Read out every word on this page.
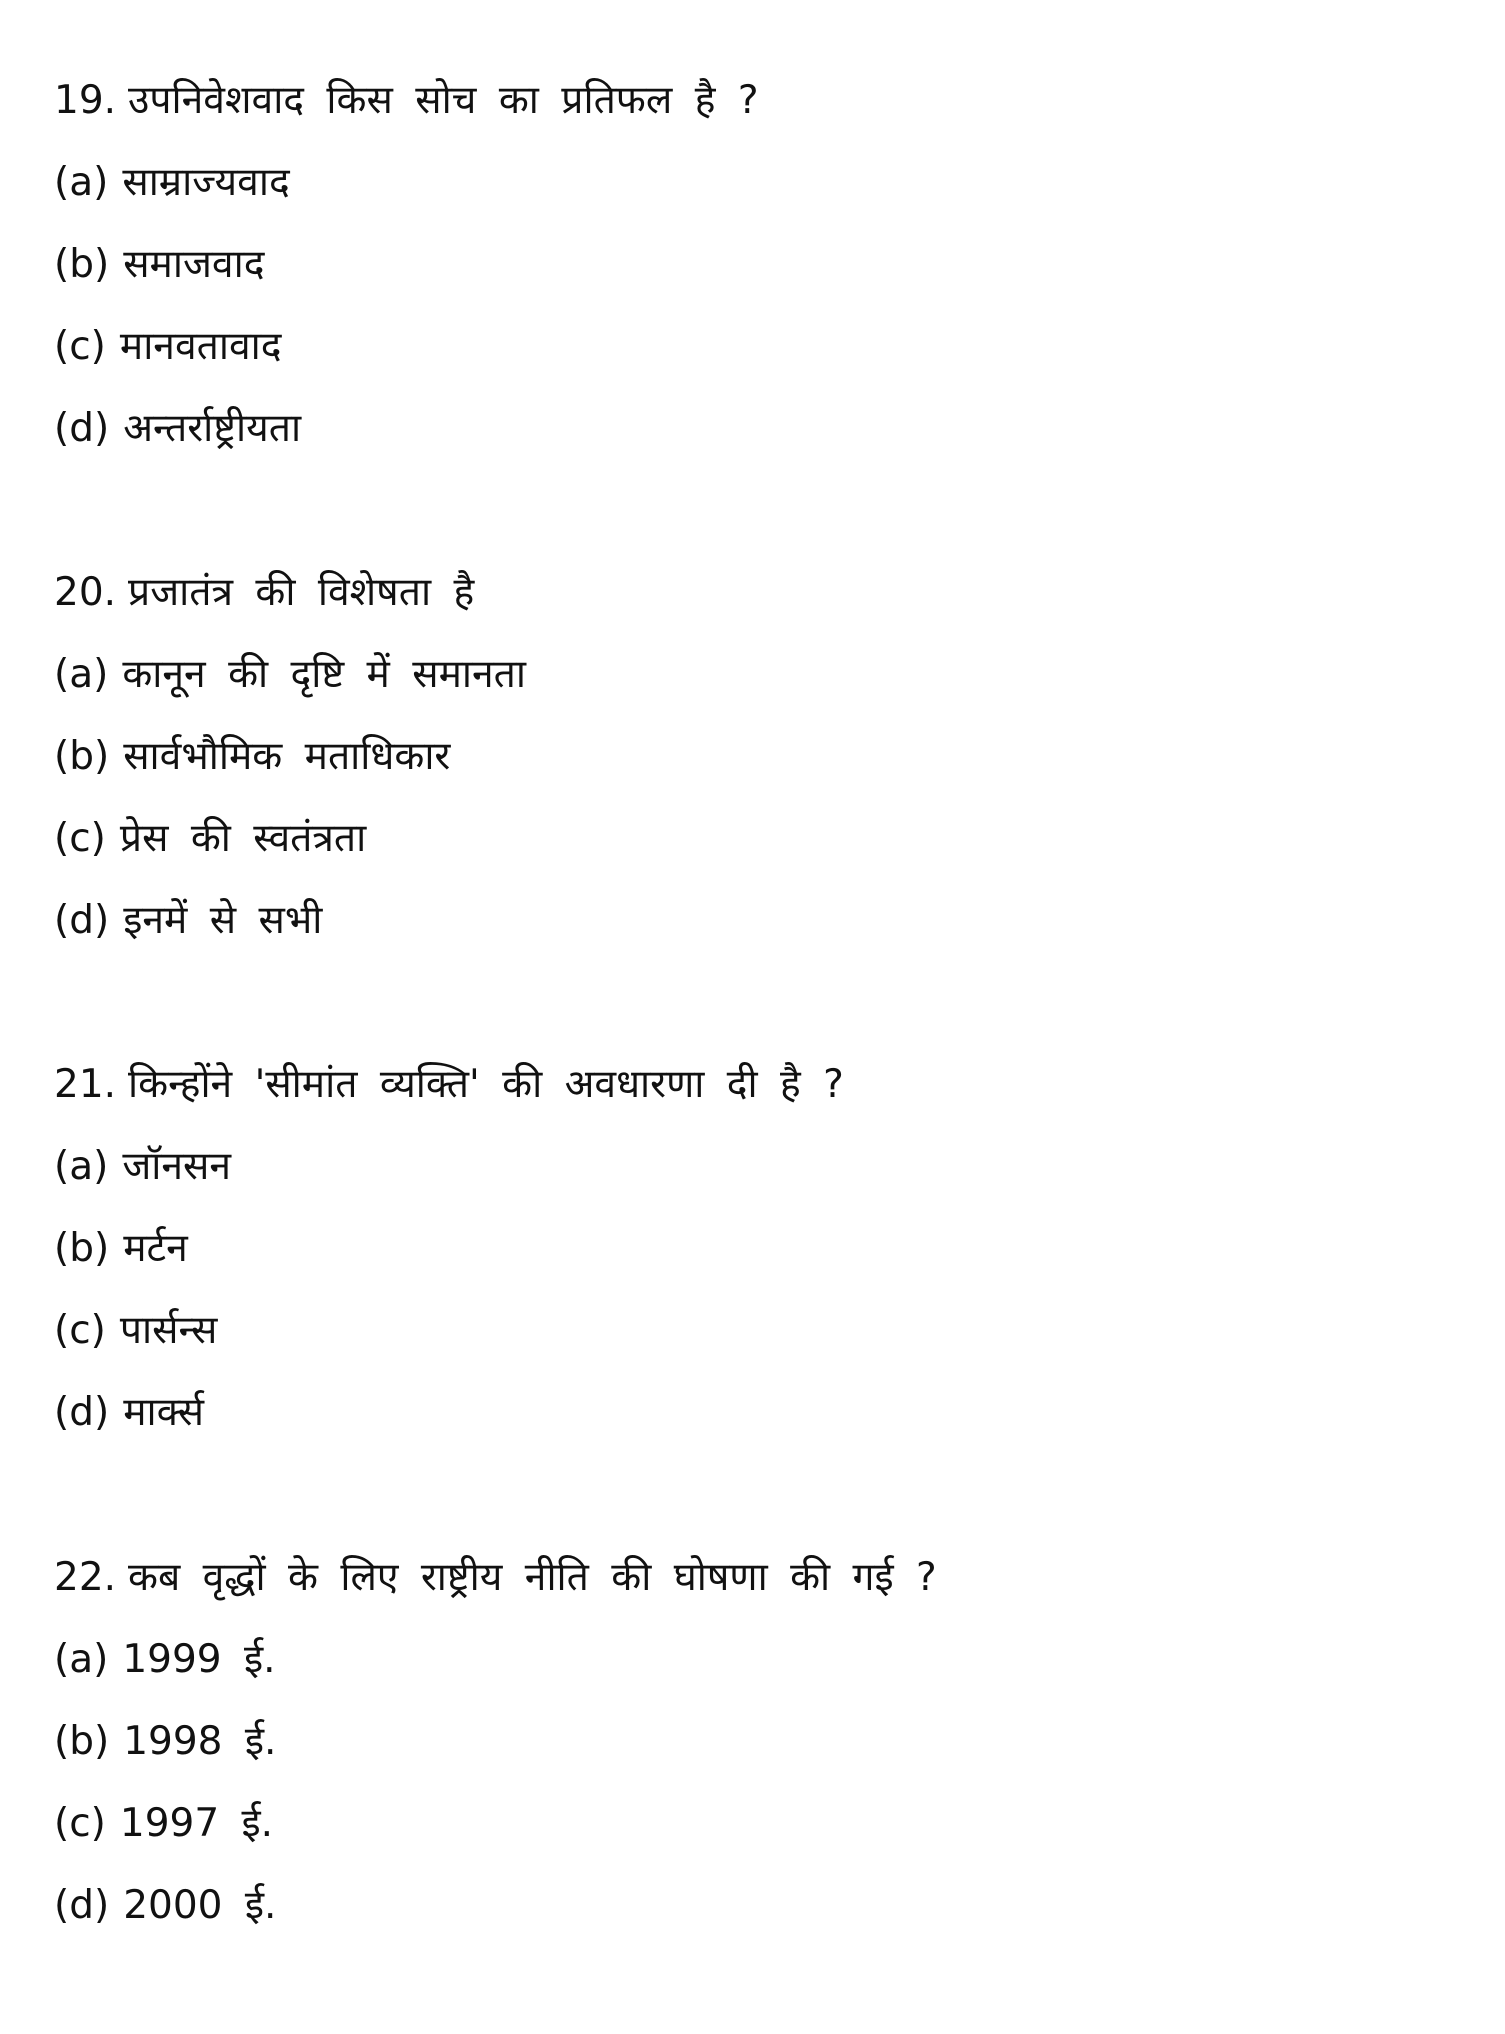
19. उपनिवेशवाद किस सोच का प्रतिफल है ?
(a) साम्राज्यवाद
(b) समाजवाद
(c) मानवतावाद
(d) अन्तर्राष्ट्रीयता
20. प्रजातंत्र की विशेषता है
(a) कानून की दृष्टि में समानता
(b) सार्वभौमिक मताधिकार
(c) प्रेस की स्वतंत्रता
(d) इनमें से सभी
21. किन्होंने 'सीमांत व्यक्ति' की अवधारणा दी है ?
(a) जॉनसन
(b) मर्टन
(c) पार्सन्स
(d) मार्क्स
22. कब वृद्धों के लिए राष्ट्रीय नीति की घोषणा की गई ?
(a) 1999 ई.
(b) 1998 ई.
(c) 1997 ई.
(d) 2000 ई.
